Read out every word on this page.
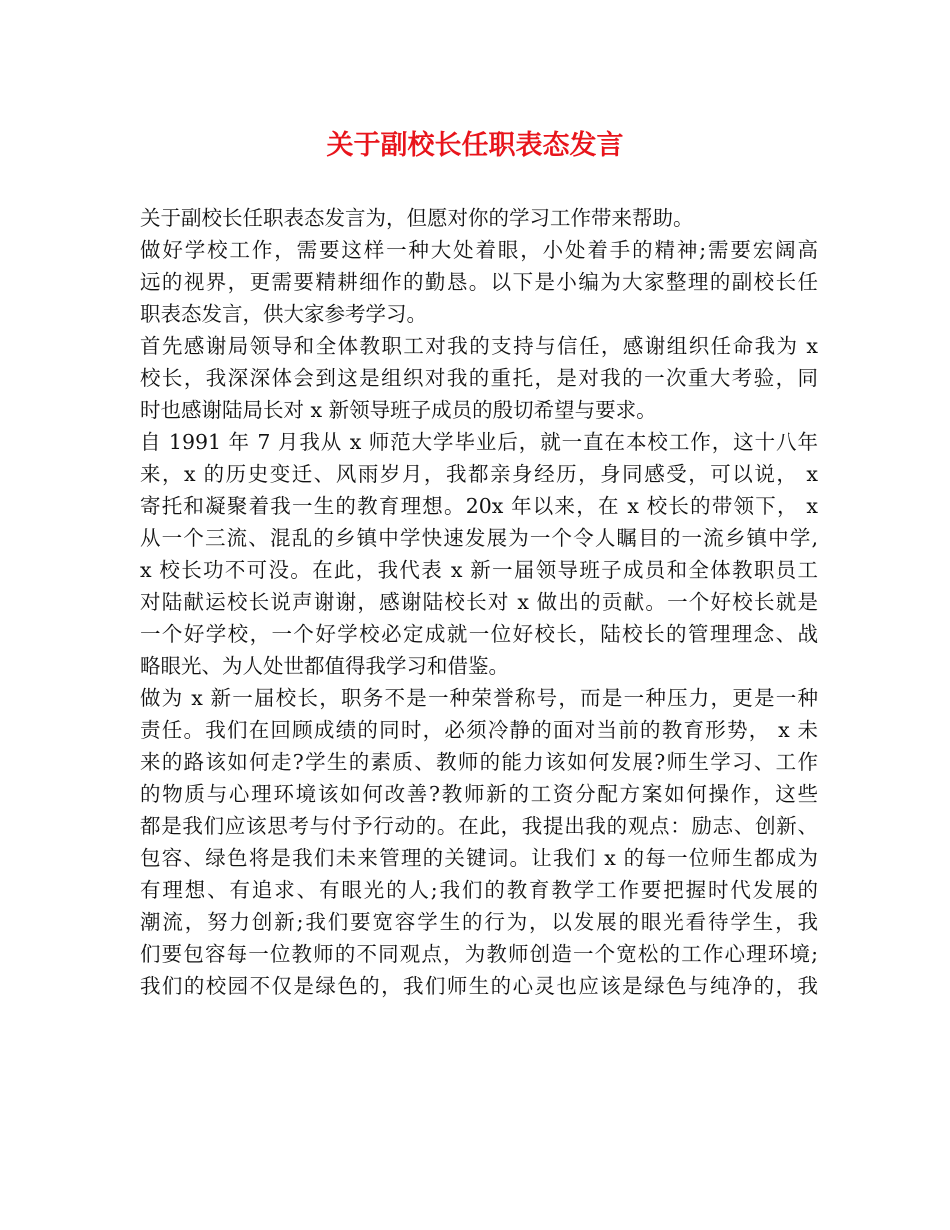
关于副校长任职表态发言
关于副校长任职表态发言为，但愿对你的学习工作带来帮助。
做好学校工作，需要这样一种大处着眼，小处着手的精神;需要宏阔高
远的视界，更需要精耕细作的勤恳。以下是小编为大家整理的副校长任
职表态发言，供大家参考学习。
首先感谢局领导和全体教职工对我的支持与信任，感谢组织任命我为 x
校长，我深深体会到这是组织对我的重托，是对我的一次重大考验，同
时也感谢陆局长对 x 新领导班子成员的殷切希望与要求。
自 1991 年 7 月我从 x 师范大学毕业后，就一直在本校工作，这十八年
来，x 的历史变迁、风雨岁月，我都亲身经历，身同感受，可以说， x
寄托和凝聚着我一生的教育理想。20x 年以来，在 x 校长的带领下， x
从一个三流、混乱的乡镇中学快速发展为一个令人瞩目的一流乡镇中学,
x 校长功不可没。在此，我代表 x 新一届领导班子成员和全体教职员工
对陆献运校长说声谢谢，感谢陆校长对 x 做出的贡献。一个好校长就是
一个好学校，一个好学校必定成就一位好校长，陆校长的管理理念、战
略眼光、为人处世都值得我学习和借鉴。
做为 x 新一届校长，职务不是一种荣誉称号，而是一种压力，更是一种
责任。我们在回顾成绩的同时，必须冷静的面对当前的教育形势， x 未
来的路该如何走?学生的素质、教师的能力该如何发展?师生学习、工作
的物质与心理环境该如何改善?教师新的工资分配方案如何操作，这些
都是我们应该思考与付予行动的。在此，我提出我的观点：励志、创新、
包容、绿色将是我们未来管理的关键词。让我们 x 的每一位师生都成为
有理想、有追求、有眼光的人;我们的教育教学工作要把握时代发展的
潮流，努力创新;我们要宽容学生的行为，以发展的眼光看待学生，我
们要包容每一位教师的不同观点，为教师创造一个宽松的工作心理环境;
我们的校园不仅是绿色的，我们师生的心灵也应该是绿色与纯净的，我
